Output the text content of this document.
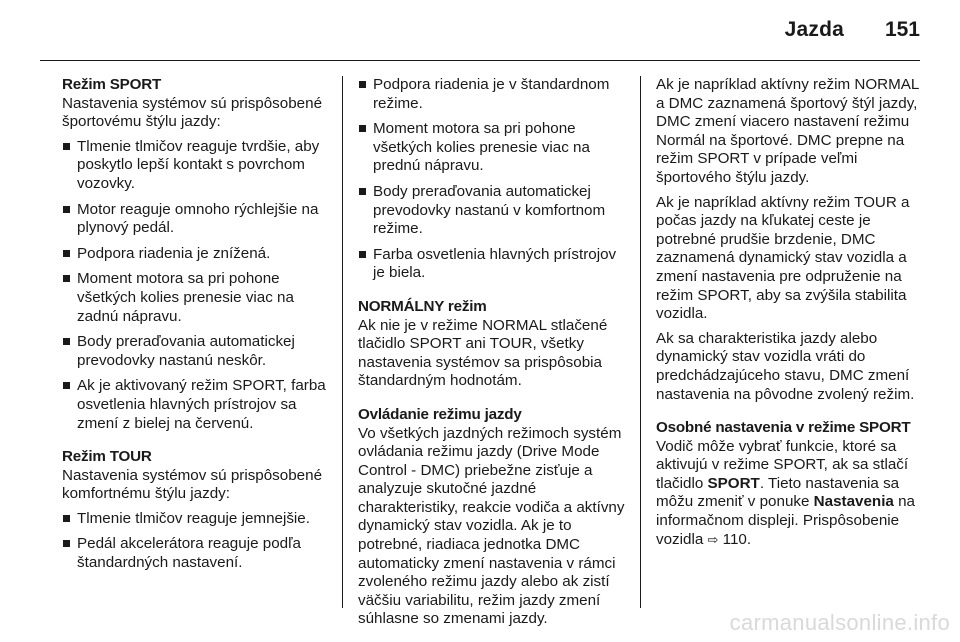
Jazda 151

Režim SPORT

Nastavenia systémov sú prispôsobené športovému štýlu jazdy:

Tlmenie tlmičov reaguje tvrdšie, aby poskytlo lepší kontakt s povrchom vozovky.
Motor reaguje omnoho rýchlejšie na plynový pedál.
Podpora riadenia je znížená.
Moment motora sa pri pohone všetkých kolies prenesie viac na zadnú nápravu.
Body preraďovania automatickej prevodovky nastanú neskôr.
Ak je aktivovaný režim SPORT, farba osvetlenia hlavných prístrojov sa zmení z bielej na červenú.

Režim TOUR

Nastavenia systémov sú prispôsobené komfortnému štýlu jazdy:

Tlmenie tlmičov reaguje jemnejšie.
Pedál akcelerátora reaguje podľa štandardných nastavení.
Podpora riadenia je v štandardnom režime.
Moment motora sa pri pohone všetkých kolies prenesie viac na prednú nápravu.
Body preraďovania automatickej prevodovky nastanú v komfortnom režime.
Farba osvetlenia hlavných prístrojov je biela.

NORMÁLNY režim

Ak nie je v režime NORMAL stlačené tlačidlo SPORT ani TOUR, všetky nastavenia systémov sa prispôsobia štandardným hodnotám.

Ovládanie režimu jazdy

Vo všetkých jazdných režimoch systém ovládania režimu jazdy (Drive Mode Control - DMC) priebežne zisťuje a analyzuje skutočné jazdné charakteristiky, reakcie vodiča a aktívny dynamický stav vozidla. Ak je to potrebné, riadiaca jednotka DMC automaticky zmení nastavenia v rámci zvoleného režimu jazdy alebo ak zistí väčšiu variabilitu, režim jazdy zmení súhlasne so zmenami jazdy.

Ak je napríklad aktívny režim NORMAL a DMC zaznamená športový štýl jazdy, DMC zmení viacero nastavení režimu Normál na športové. DMC prepne na režim SPORT v prípade veľmi športového štýlu jazdy.

Ak je napríklad aktívny režim TOUR a počas jazdy na kľukatej ceste je potrebné prudšie brzdenie, DMC zaznamená dynamický stav vozidla a zmení nastavenia pre odpruženie na režim SPORT, aby sa zvýšila stabilita vozidla.

Ak sa charakteristika jazdy alebo dynamický stav vozidla vráti do predchádzajúceho stavu, DMC zmení nastavenia na pôvodne zvolený režim.

Osobné nastavenia v režime SPORT

Vodič môže vybrať funkcie, ktoré sa aktivujú v režime SPORT, ak sa stlačí tlačidlo SPORT. Tieto nastavenia sa môžu zmeniť v ponuke Nastavenia na informačnom displeji. Prispôsobenie vozidla ⇨ 110.

carmanualsonline.info
